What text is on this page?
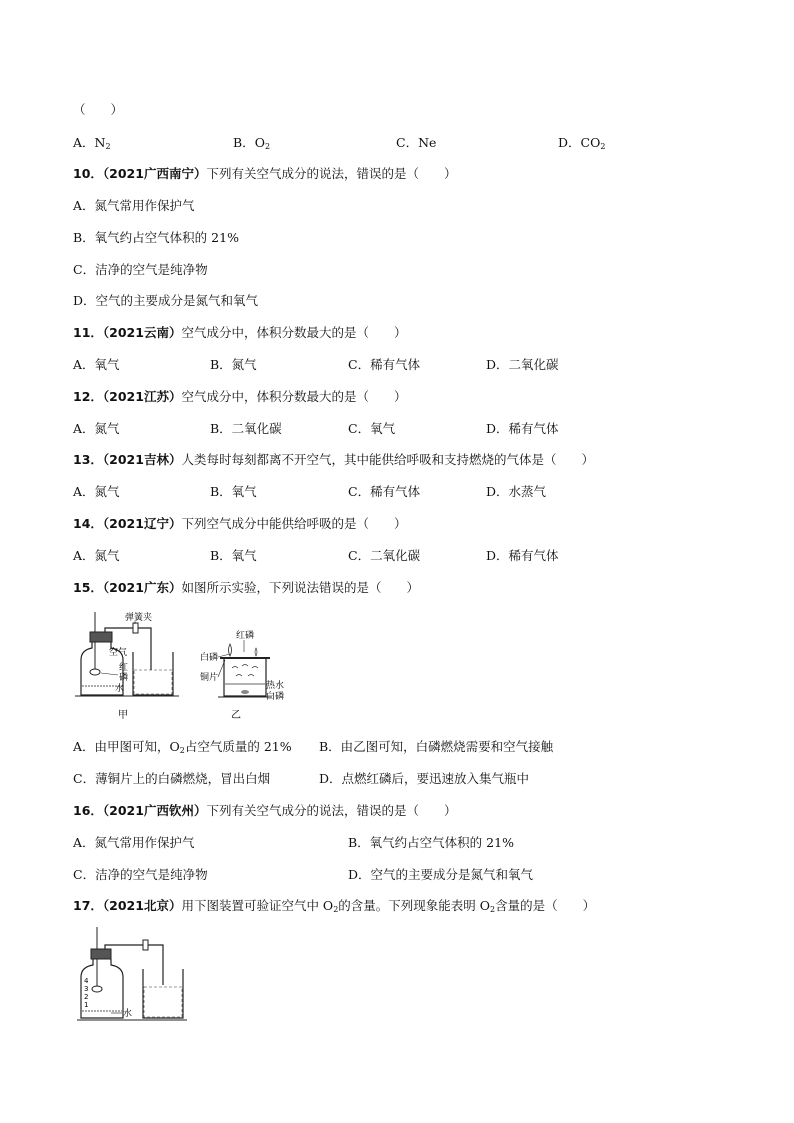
（　　）
A．$N_2$	B．$O_2$	C．Ne	D．$CO_2$
10．（2021广西南宁）下列有关空气成分的说法，错误的是（　　）
A．氮气常用作保护气
B．氧气约占空气体积的 21%
C．洁净的空气是纯净物
D．空气的主要成分是氮气和氧气
11．（2021云南）空气成分中，体积分数最大的是（　　）
A．氧气	B．氮气	C．稀有气体	D．二氧化碳
12．（2021江苏）空气成分中，体积分数最大的是（　　）
A．氮气	B．二氧化碳	C．氧气	D．稀有气体
13．（2021吉林）人类每时每刻都离不开空气，其中能供给呼吸和支持燃烧的气体是（　　）
A．氮气	B．氧气	C．稀有气体	D．水蒸气
14．（2021辽宁）下列空气成分中能供给呼吸的是（　　）
A．氮气	B．氧气	C．二氧化碳	D．稀有气体
15．（2021广东）如图所示实验，下列说法错误的是（　　）
弹簧夹
空气
红
磷
水
甲
红磷
白磷
铜片
热水
白磷
乙
A．由甲图可知，$O_2$占空气质量的 21% B．由乙图可知，白磷燃烧需要和空气接触
C．薄铜片上的白磷燃烧，冒出白烟	D．点燃红磷后，要迅速放入集气瓶中
16．（2021广西钦州）下列有关空气成分的说法，错误的是（　　）
A．氮气常用作保护气	B．氧气约占空气体积的 21%
C．洁净的空气是纯净物	D．空气的主要成分是氮气和氧气
17．（2021北京）用下图装置可验证空气中 $O_2$的含量。下列现象能表明 $O_2$含量的是（　　）
4
3
2
1
水
